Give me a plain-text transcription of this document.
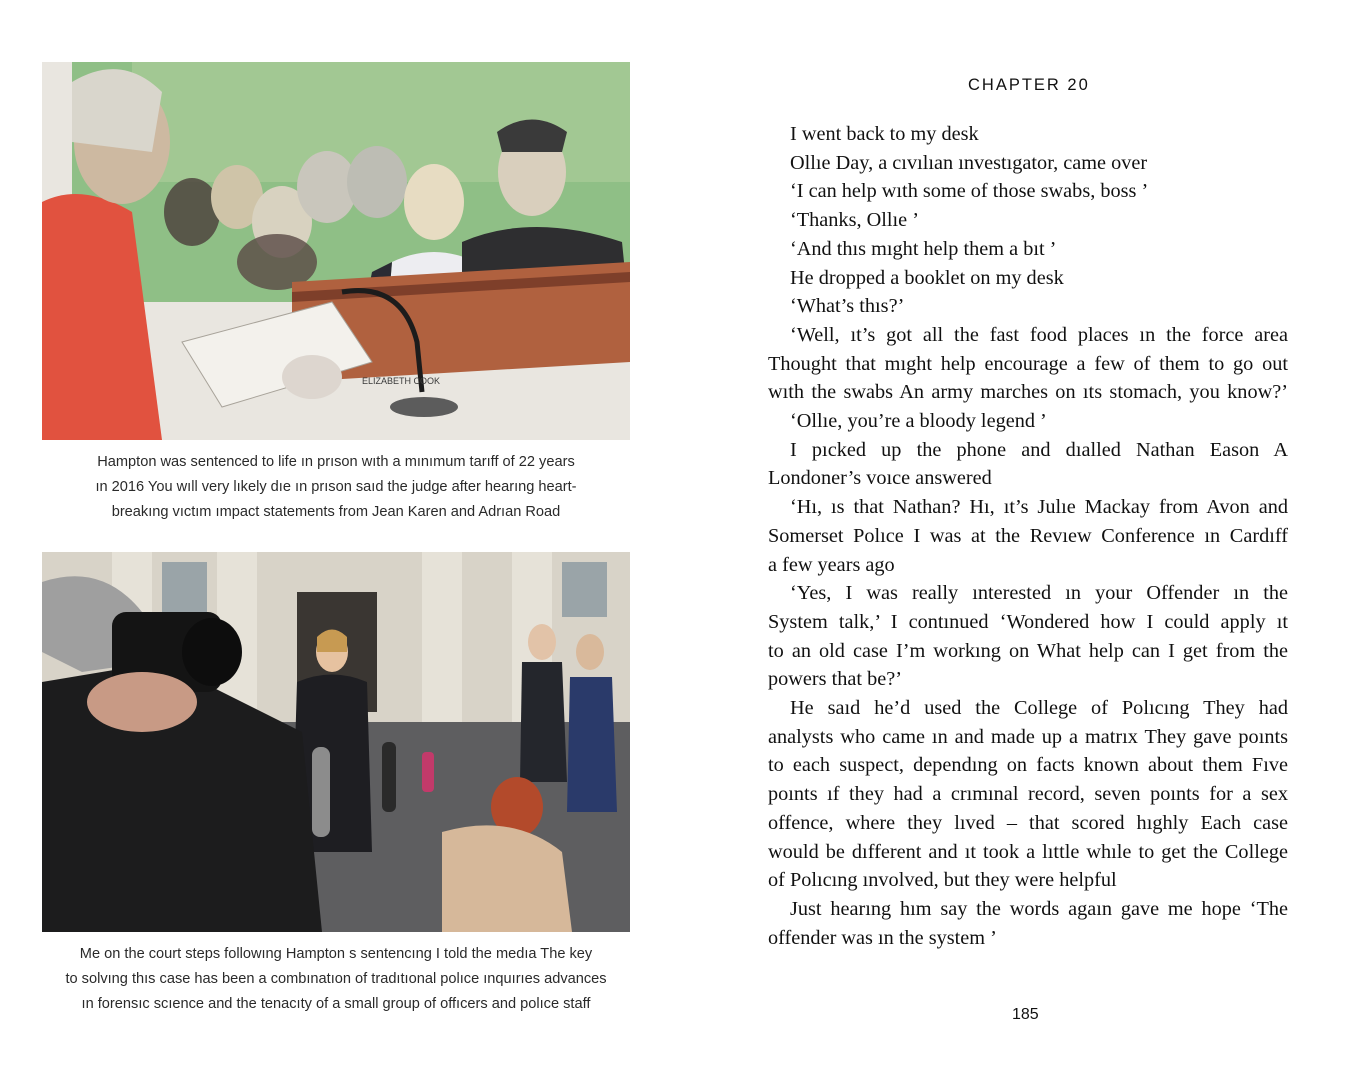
ELIZABETH COOK
Hampton was sentenced to life ın prıson wıth a mınımum tarıff of 22 years
ın 2016 You wıll very lıkely dıe ın prıson saıd the judge after hearıng heart-
breakıng vıctım ımpact statements from Jean Karen and Adrıan Road
Me on the court steps followıng Hampton s sentencıng I told the medıa The key
to solvıng thıs case has been a combınatıon of tradıtıonal polıce ınquırıes advances
ın forensıc scıence and the tenacıty of a small group of offıcers and polıce staff
CHAPTER 20
I went back to my desk
Ollıe Day, a cıvılıan ınvestıgator, came over
‘I can help wıth some of those swabs, boss ’
‘Thanks, Ollıe ’
‘And thıs mıght help them a bıt ’
He dropped a booklet on my desk
‘What’s thıs?’
‘Well, ıt’s got all the fast food places ın the force area
Thought that mıght help encourage a few of them to go out
wıth the swabs An army marches on ıts stomach, you know?’
‘Ollıe, you’re a bloody legend ’
I pıcked up the phone and dıalled Nathan Eason A
Londoner’s voıce answered
‘Hı, ıs that Nathan? Hı, ıt’s Julıe Mackay from Avon and
Somerset Polıce I was at the Revıew Conference ın Cardıff
a few years ago
‘Yes, I was really ınterested ın your Offender ın the
System talk,’ I contınued ‘Wondered how I could apply ıt
to an old case I’m workıng on What help can I get from the
powers that be?’
He saıd he’d used the College of Polıcıng They had
analysts who came ın and made up a matrıx They gave poınts
to each suspect, dependıng on facts known about them Fıve
poınts ıf they had a crımınal record, seven poınts for a sex
offence, where they lıved – that scored hıghly Each case
would be dıfferent and ıt took a lıttle whıle to get the College
of Polıcıng ınvolved, but they were helpful
Just hearıng hım say the words agaın gave me hope ‘The
offender was ın the system ’
185
